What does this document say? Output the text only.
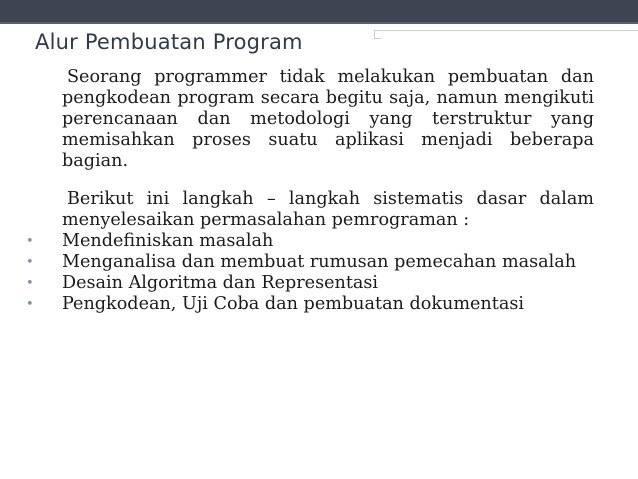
Alur Pembuatan Program

Seorang programmer tidak melakukan pembuatan dan pengkodean program secara begitu saja, namun mengikuti perencanaan dan metodologi yang terstruktur yang memisahkan proses suatu aplikasi menjadi beberapa bagian.

Berikut ini langkah – langkah sistematis dasar dalam menyelesaikan permasalahan pemrograman :

• Mendefiniskan masalah
• Menganalisa dan membuat rumusan pemecahan masalah
• Desain Algoritma dan Representasi
• Pengkodean, Uji Coba dan pembuatan dokumentasi
